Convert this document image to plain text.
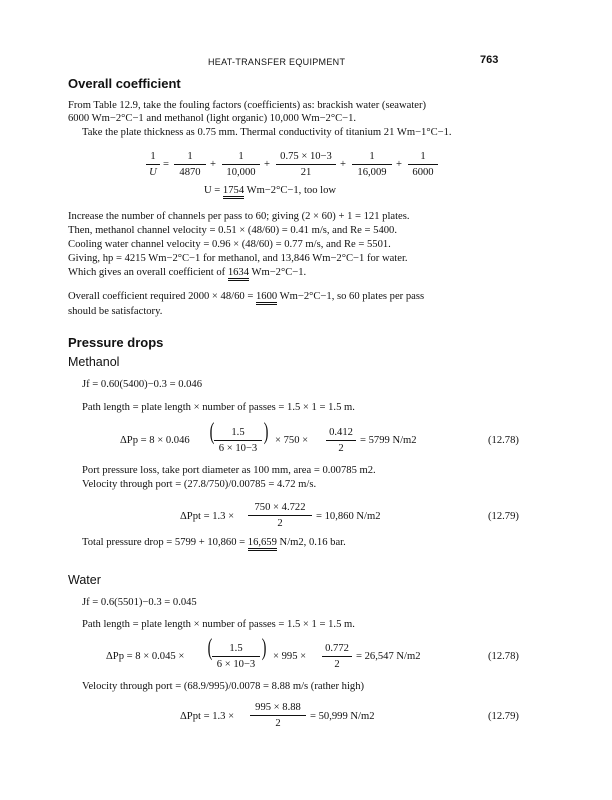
HEAT-TRANSFER EQUIPMENT	763
Overall coefficient
From Table 12.9, take the fouling factors (coefficients) as: brackish water (seawater)
6000 Wm−2°C−1 and methanol (light organic) 10,000 Wm−2°C−1.
Take the plate thickness as 0.75 mm. Thermal conductivity of titanium 21 Wm−1°C−1.
1
U
=
1
4870
+
1
10,000
+
0.75 × 10−3
21
+
1
16,009
+
1
6000
U = 1754 Wm−2°C−1, too low
Increase the number of channels per pass to 60; giving (2 × 60) + 1 = 121 plates.
Then, methanol channel velocity = 0.51 × (48/60) = 0.41 m/s, and Re = 5400.
Cooling water channel velocity = 0.96 × (48/60) = 0.77 m/s, and Re = 5501.
Giving, hp = 4215 Wm−2°C−1 for methanol, and 13,846 Wm−2°C−1 for water.
Which gives an overall coefficient of 1634 Wm−2°C−1.
Overall coefficient required 2000 × 48/60 = 1600 Wm−2°C−1, so 60 plates per pass
should be satisfactory.
Pressure drops
Methanol
Jf = 0.60(5400)−0.3 = 0.046
Path length = plate length × number of passes = 1.5 × 1 = 1.5 m.
ΔPp = 8 × 0.046 (	1.5
6 × 10−3
) × 750 ×
0.412
2
= 5799 N/m2	(12.78)
Port pressure loss, take port diameter as 100 mm, area = 0.00785 m2.
Velocity through port = (27.8/750)/0.00785 = 4.72 m/s.
ΔPpt = 1.3 ×
750 × 4.722
2
= 10,860 N/m2	(12.79)
Total pressure drop = 5799 + 10,860 = 16,659 N/m2, 0.16 bar.
Water
Jf = 0.6(5501)−0.3 = 0.045
Path length = plate length × number of passes = 1.5 × 1 = 1.5 m.
ΔPp = 8 × 0.045 × (	1.5
6 × 10−3
) × 995 ×
0.772
2
= 26,547 N/m2	(12.78)
Velocity through port = (68.9/995)/0.0078 = 8.88 m/s (rather high)
ΔPpt = 1.3 ×
995 × 8.88
2
= 50,999 N/m2	(12.79)
